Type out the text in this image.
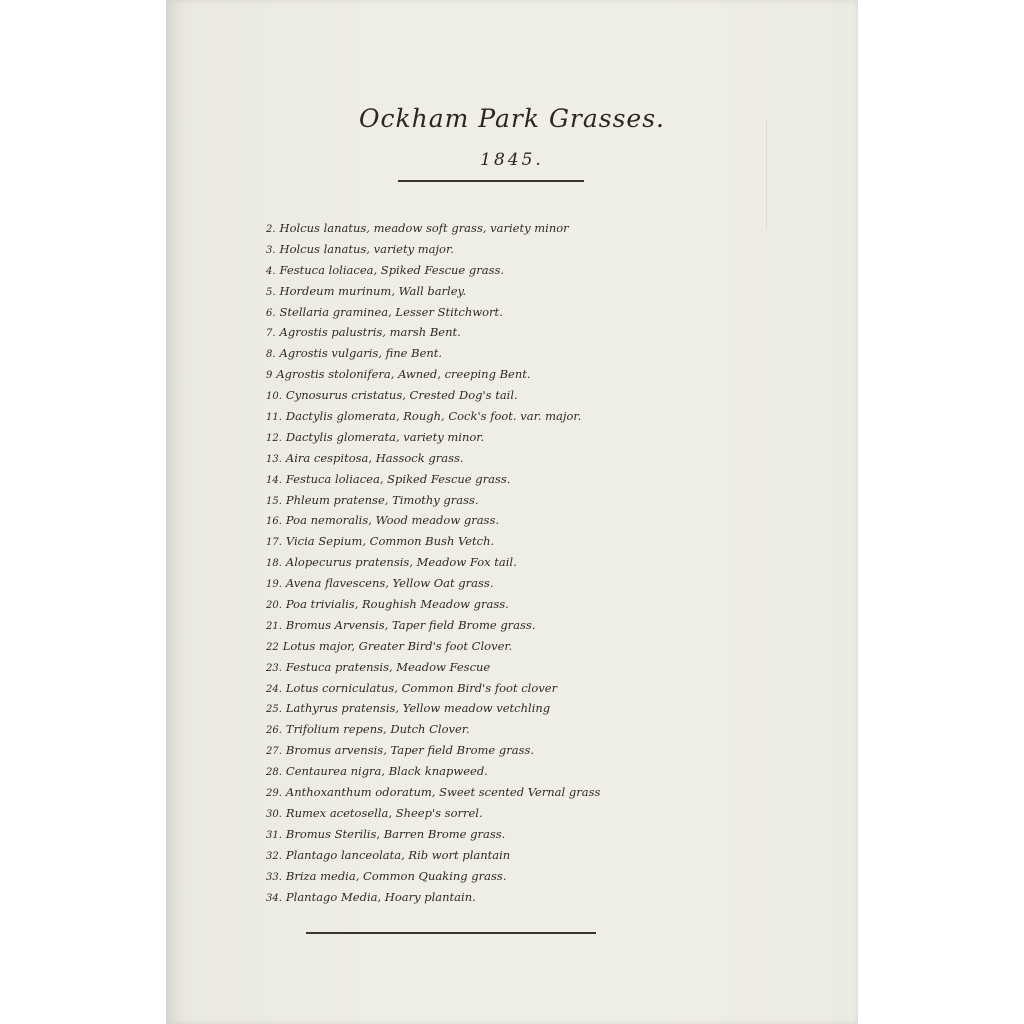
Ockham Park Grasses.
1845.
2. Holcus lanatus, meadow soft grass, variety minor
3. Holcus lanatus, variety major.
4. Festuca loliacea, Spiked Fescue grass.
5. Hordeum murinum, Wall barley.
6. Stellaria graminea, Lesser Stitchwort.
7. Agrostis palustris, marsh Bent.
8. Agrostis vulgaris, fine Bent.
9 Agrostis stolonifera, Awned, creeping Bent.
10. Cynosurus cristatus, Crested Dog's tail.
11. Dactylis glomerata, Rough, Cock's foot. var. major.
12. Dactylis glomerata, variety minor.
13. Aira cespitosa, Hassock grass.
14. Festuca loliacea, Spiked Fescue grass.
15. Phleum pratense, Timothy grass.
16. Poa nemoralis, Wood meadow grass.
17. Vicia Sepium, Common Bush Vetch.
18. Alopecurus pratensis, Meadow Fox tail.
19. Avena flavescens, Yellow Oat grass.
20. Poa trivialis, Roughish Meadow grass.
21. Bromus Arvensis, Taper field Brome grass.
22 Lotus major, Greater Bird's foot Clover.
23. Festuca pratensis, Meadow Fescue
24. Lotus corniculatus, Common Bird's foot clover
25. Lathyrus pratensis, Yellow meadow vetchling
26. Trifolium repens, Dutch Clover.
27. Bromus arvensis, Taper field Brome grass.
28. Centaurea nigra, Black knapweed.
29. Anthoxanthum odoratum, Sweet scented Vernal grass
30. Rumex acetosella, Sheep's sorrel.
31. Bromus Sterilis, Barren Brome grass.
32. Plantago lanceolata, Rib wort plantain
33. Briza media, Common Quaking grass.
34. Plantago Media, Hoary plantain.
